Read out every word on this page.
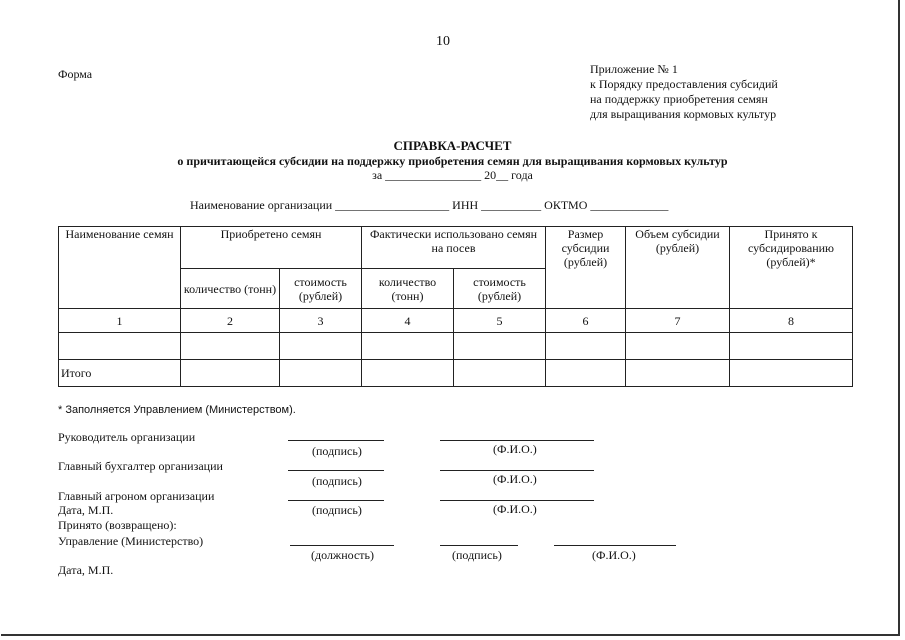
10
Форма	Приложение № 1
к Порядку предоставления субсидий
на поддержку приобретения семян
для выращивания кормовых культур
СПРАВКА-РАСЧЕТ
о причитающейся субсидии на поддержку приобретения семян для выращивания кормовых культур
за ________________ 20__ года
Наименование организации ___________________ ИНН __________ ОКТМО _____________
Наименование семян	Приобретено семян		Фактически использовано семян на посев		Размер субсидии (рублей)	Объем субсидии (рублей)	Принято к субсидированию (рублей)*
	количество (тонн)	стоимость (рублей)	количество (тонн)	стоимость (рублей)			
1	2	3	4	5	6	7	8

Итого							
* Заполняется Управлением (Министерством).
Руководитель организации
(подпись)	(Ф.И.О.)
Главный бухгалтер организации
(подпись)	(Ф.И.О.)
Главный агроном организации
Дата, М.П.	(подпись)	(Ф.И.О.)
Принято (возвращено):
Управление (Министерство)
(должность)	(подпись)	(Ф.И.О.)
Дата, М.П.
